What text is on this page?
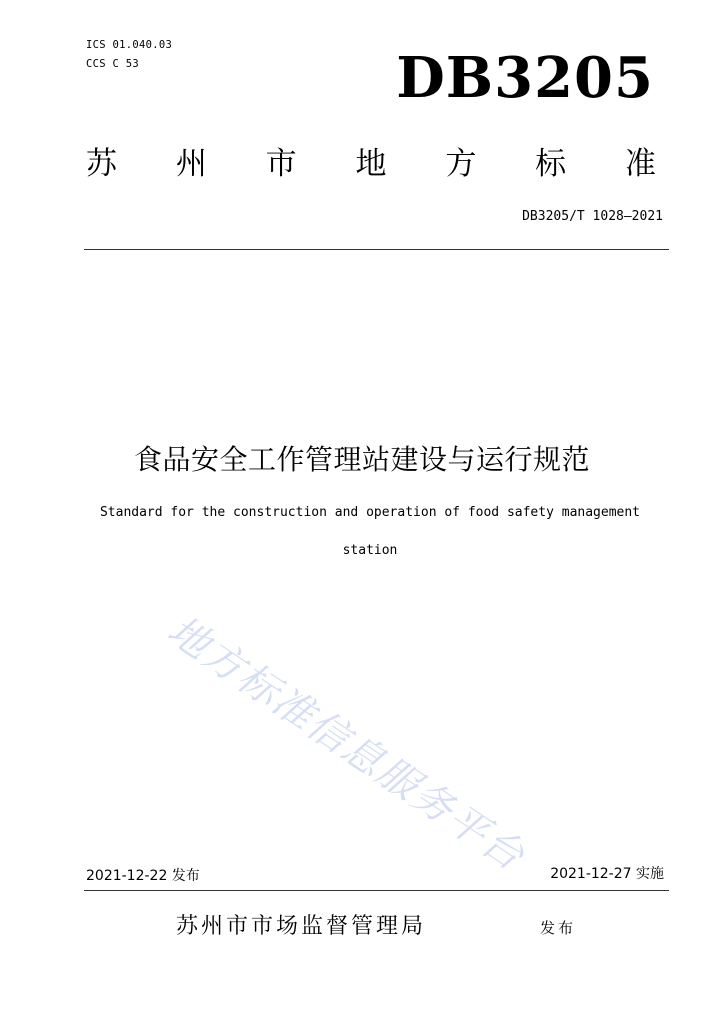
ICS 01.040.03
CCS C 53	DB3205
苏 州 市 地 方 标 准
DB3205/T 1028—2021
食品安全工作管理站建设与运行规范
Standard for the construction and operation of food safety management
station
地方标准信息服务平台
2021-12-22 发布	2021-12-27 实施
苏州市市场监督管理局	发布
